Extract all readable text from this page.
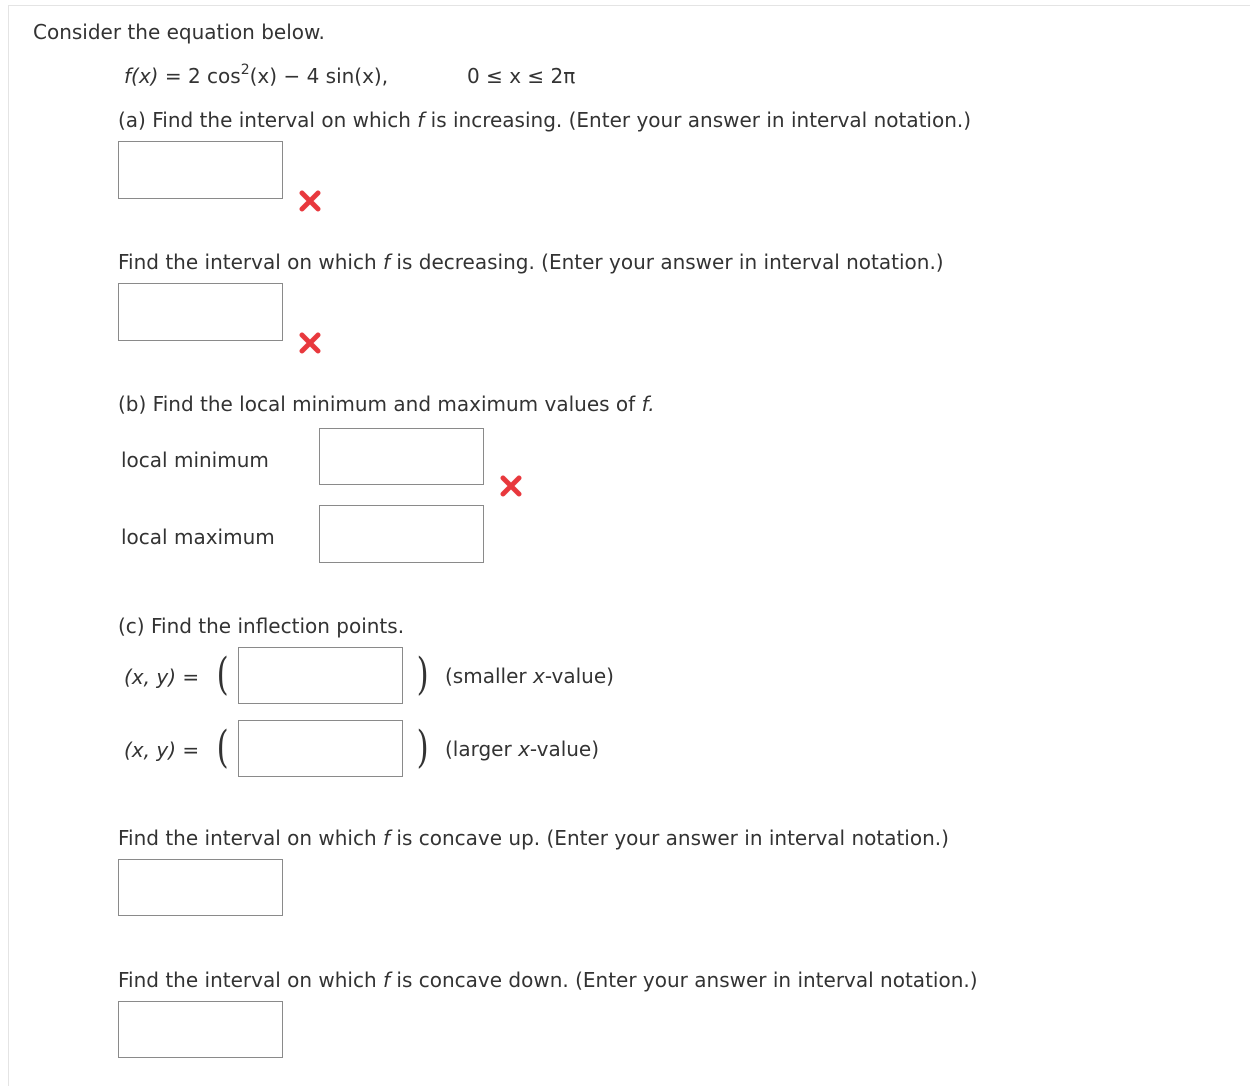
Consider the equation below.
f(x) = 2 $\cos^2(x) - 4$ sin(x),	0 ≤ x ≤ 2π
(a) Find the interval on which f is increasing. (Enter your answer in interval notation.)
Find the interval on which f is decreasing. (Enter your answer in interval notation.)
(b) Find the local minimum and maximum values of f.
local minimum
local maximum
(c) Find the inflection points.
(x, y) = (	) (smaller x-value)
(x, y) = (	) (larger x-value)
Find the interval on which f is concave up. (Enter your answer in interval notation.)
Find the interval on which f is concave down. (Enter your answer in interval notation.)
